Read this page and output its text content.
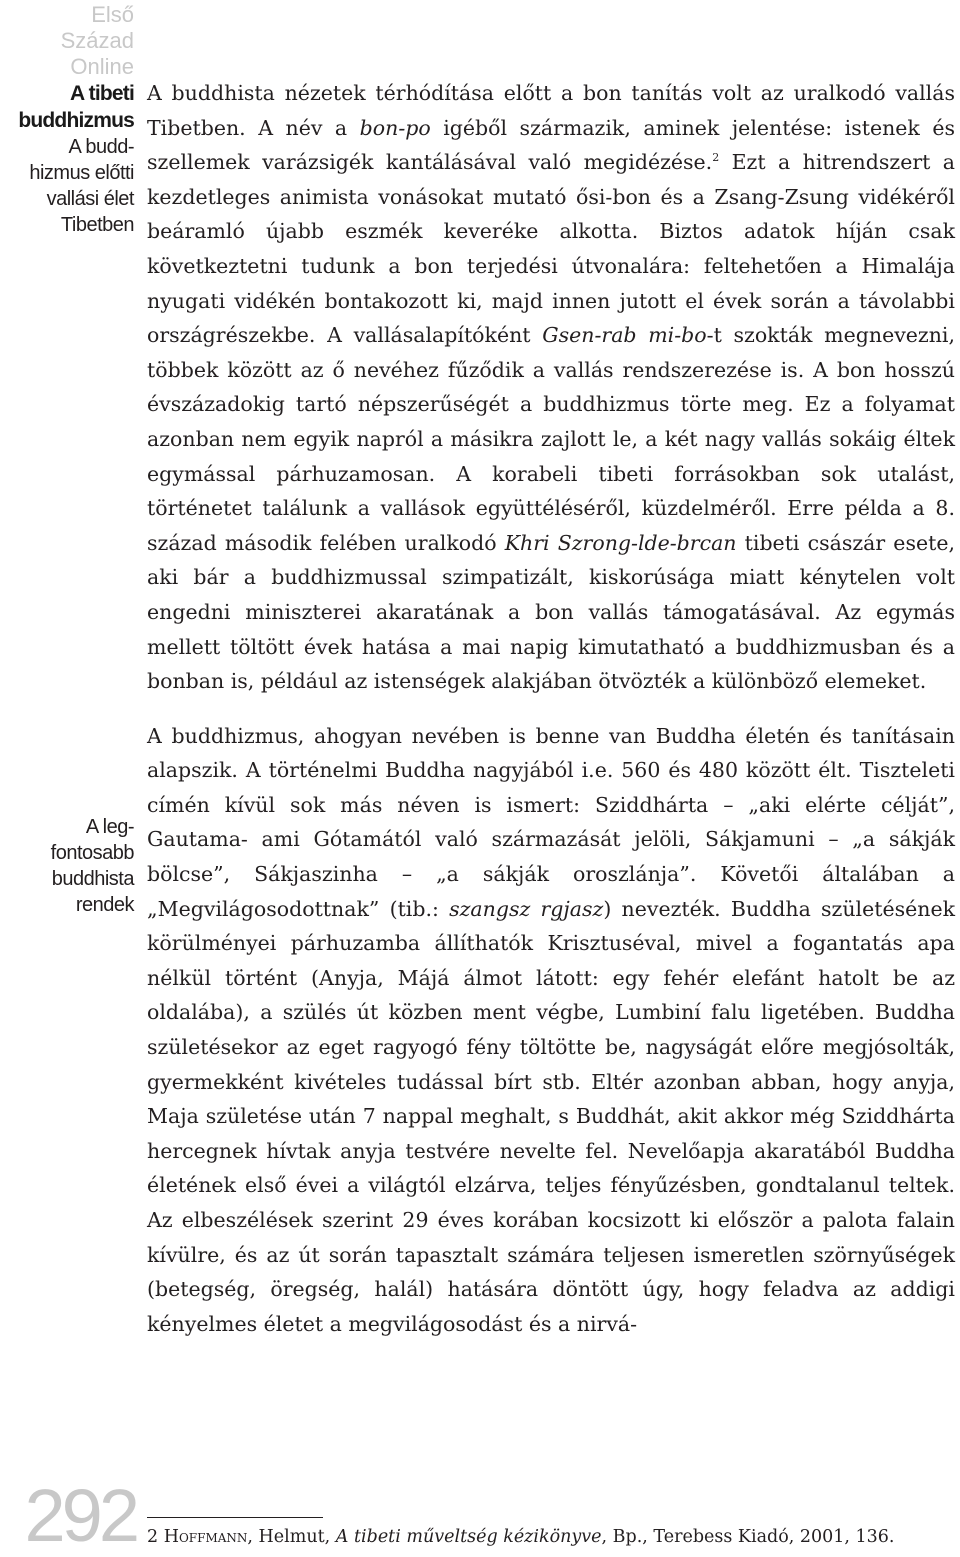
Első
Század
Online
A tibeti
buddhizmus
A budd-
hizmus előtti
vallási élet
Tibetben
A leg-
fontosabb
buddhista
rendek
292

A buddhista nézetek térhódítása előtt a bon tanítás volt az uralkodó vallás Tibetben. A név a bon-po igéből származik, aminek jelentése: istenek és szellemek varázsigék kantálásával való megidézése.$^2$ Ezt a hitrendszert a kezdetleges animista vonásokat mutató ősi-bon és a Zsang-Zsung vidékéről beáramló újabb eszmék keveréke alkotta. Biztos adatok híján csak következtetni tudunk a bon terjedési útvonalára: feltehetően a Himalája nyugati vidékén bontakozott ki, majd innen jutott el évek során a távolabbi országrészekbe. A vallásalapítóként Gsen-rab mi-bo-t szokták megnevezni, többek között az ő nevéhez fűződik a vallás rendszerezése is. A bon hosszú évszázadokig tartó népszerűségét a buddhizmus törte meg. Ez a folyamat azonban nem egyik napról a másikra zajlott le, a két nagy vallás sokáig éltek egymással párhuzamosan. A korabeli tibeti forrásokban sok utalást, történetet találunk a vallások együttéléséről, küzdelméről. Erre példa a 8. század második felében uralkodó Khri Szrong-lde-brcan tibeti császár esete, aki bár a buddhizmussal szimpatizált, kiskorúsága miatt kénytelen volt engedni miniszterei akaratának a bon vallás támogatásával. Az egymás mellett töltött évek hatása a mai napig kimutatható a buddhizmusban és a bonban is, például az istenségek alakjában ötvözték a különböző elemeket.

A buddhizmus, ahogyan nevében is benne van Buddha életén és tanításain alapszik. A történelmi Buddha nagyjából i.e. 560 és 480 között élt. Tiszteleti címén kívül sok más néven is ismert: Sziddhárta – „aki elérte célját”, Gautama- ami Gótamától való származását jelöli, Sákjamuni – „a sákják bölcse”, Sákjaszinha – „a sákják oroszlánja”. Követői általában a „Megvilágosodottnak” (tib.: szangsz rgjasz) nevezték. Buddha születésének körülményei párhuzamba állíthatók Krisztuséval, mivel a fogantatás apa nélkül történt (Anyja, Májá álmot látott: egy fehér elefánt hatolt be az oldalába), a szülés út közben ment végbe, Lumbiní falu ligetében. Buddha születésekor az eget ragyogó fény töltötte be, nagyságát előre megjósolták, gyermekként kivételes tudással bírt stb. Eltér azonban abban, hogy anyja, Maja születése után 7 nappal meghalt, s Buddhát, akit akkor még Sziddhárta hercegnek hívtak anyja testvére nevelte fel. Nevelőapja akaratából Buddha életének első évei a világtól elzárva, teljes fényűzésben, gondtalanul teltek. Az elbeszélések szerint 29 éves korában kocsizott ki először a palota falain kívülre, és az út során tapasztalt számára teljesen ismeretlen szörnyűségek (betegség, öregség, halál) hatására döntött úgy, hogy feladva az addigi kényelmes életet a megvilágosodást és a nirvá-

2 Hoffmann, Helmut, A tibeti műveltség kézikönyve, Bp., Terebess Kiadó, 2001, 136.
